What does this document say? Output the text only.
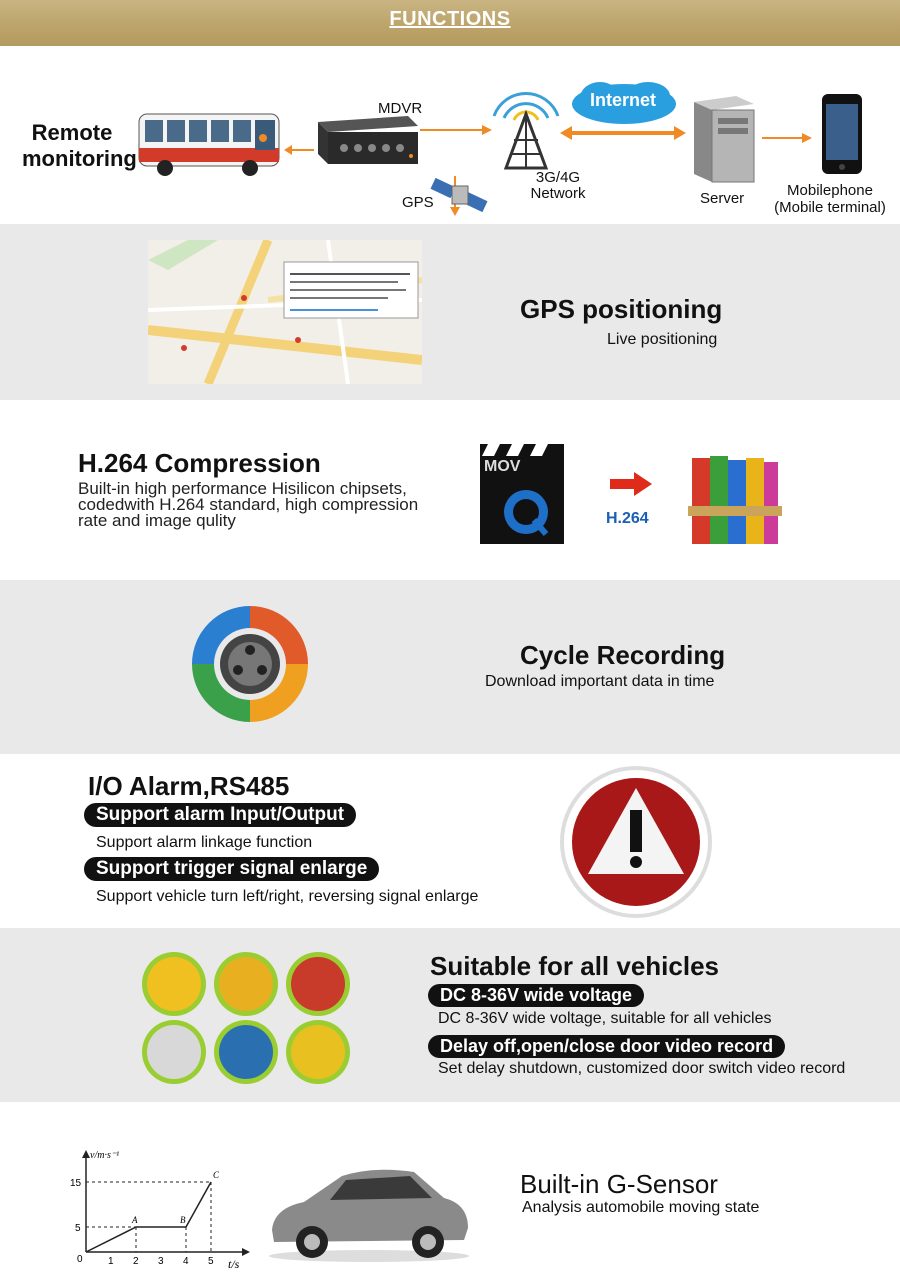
FUNCTIONS
Remote
monitoring
MDVR
GPS
3G/4G
Network
Internet
Server	Mobilephone
(Mobile terminal)
GPS positioning
Live positioning
H.264 Compression
Built-in high performance Hisilicon chipsets,
codedwith H.264 standard, high compression
rate and image qulity
MOV
H.264
Cycle Recording
Download important data in time
I/O Alarm,RS485
Support alarm Input/Output
Support alarm linkage function
Support trigger signal enlarge
Support vehicle turn left/right, reversing signal enlarge
Suitable for all vehicles
DC 8-36V wide voltage
DC 8-36V wide voltage, suitable for all vehicles
Delay off,open/close door video record
Set delay shutdown, customized door switch video record
v/m·s⁻¹
t/s
15
5
0	1 2 3 4 5
A	B
C	Built-in G-Sensor
Analysis automobile moving state
